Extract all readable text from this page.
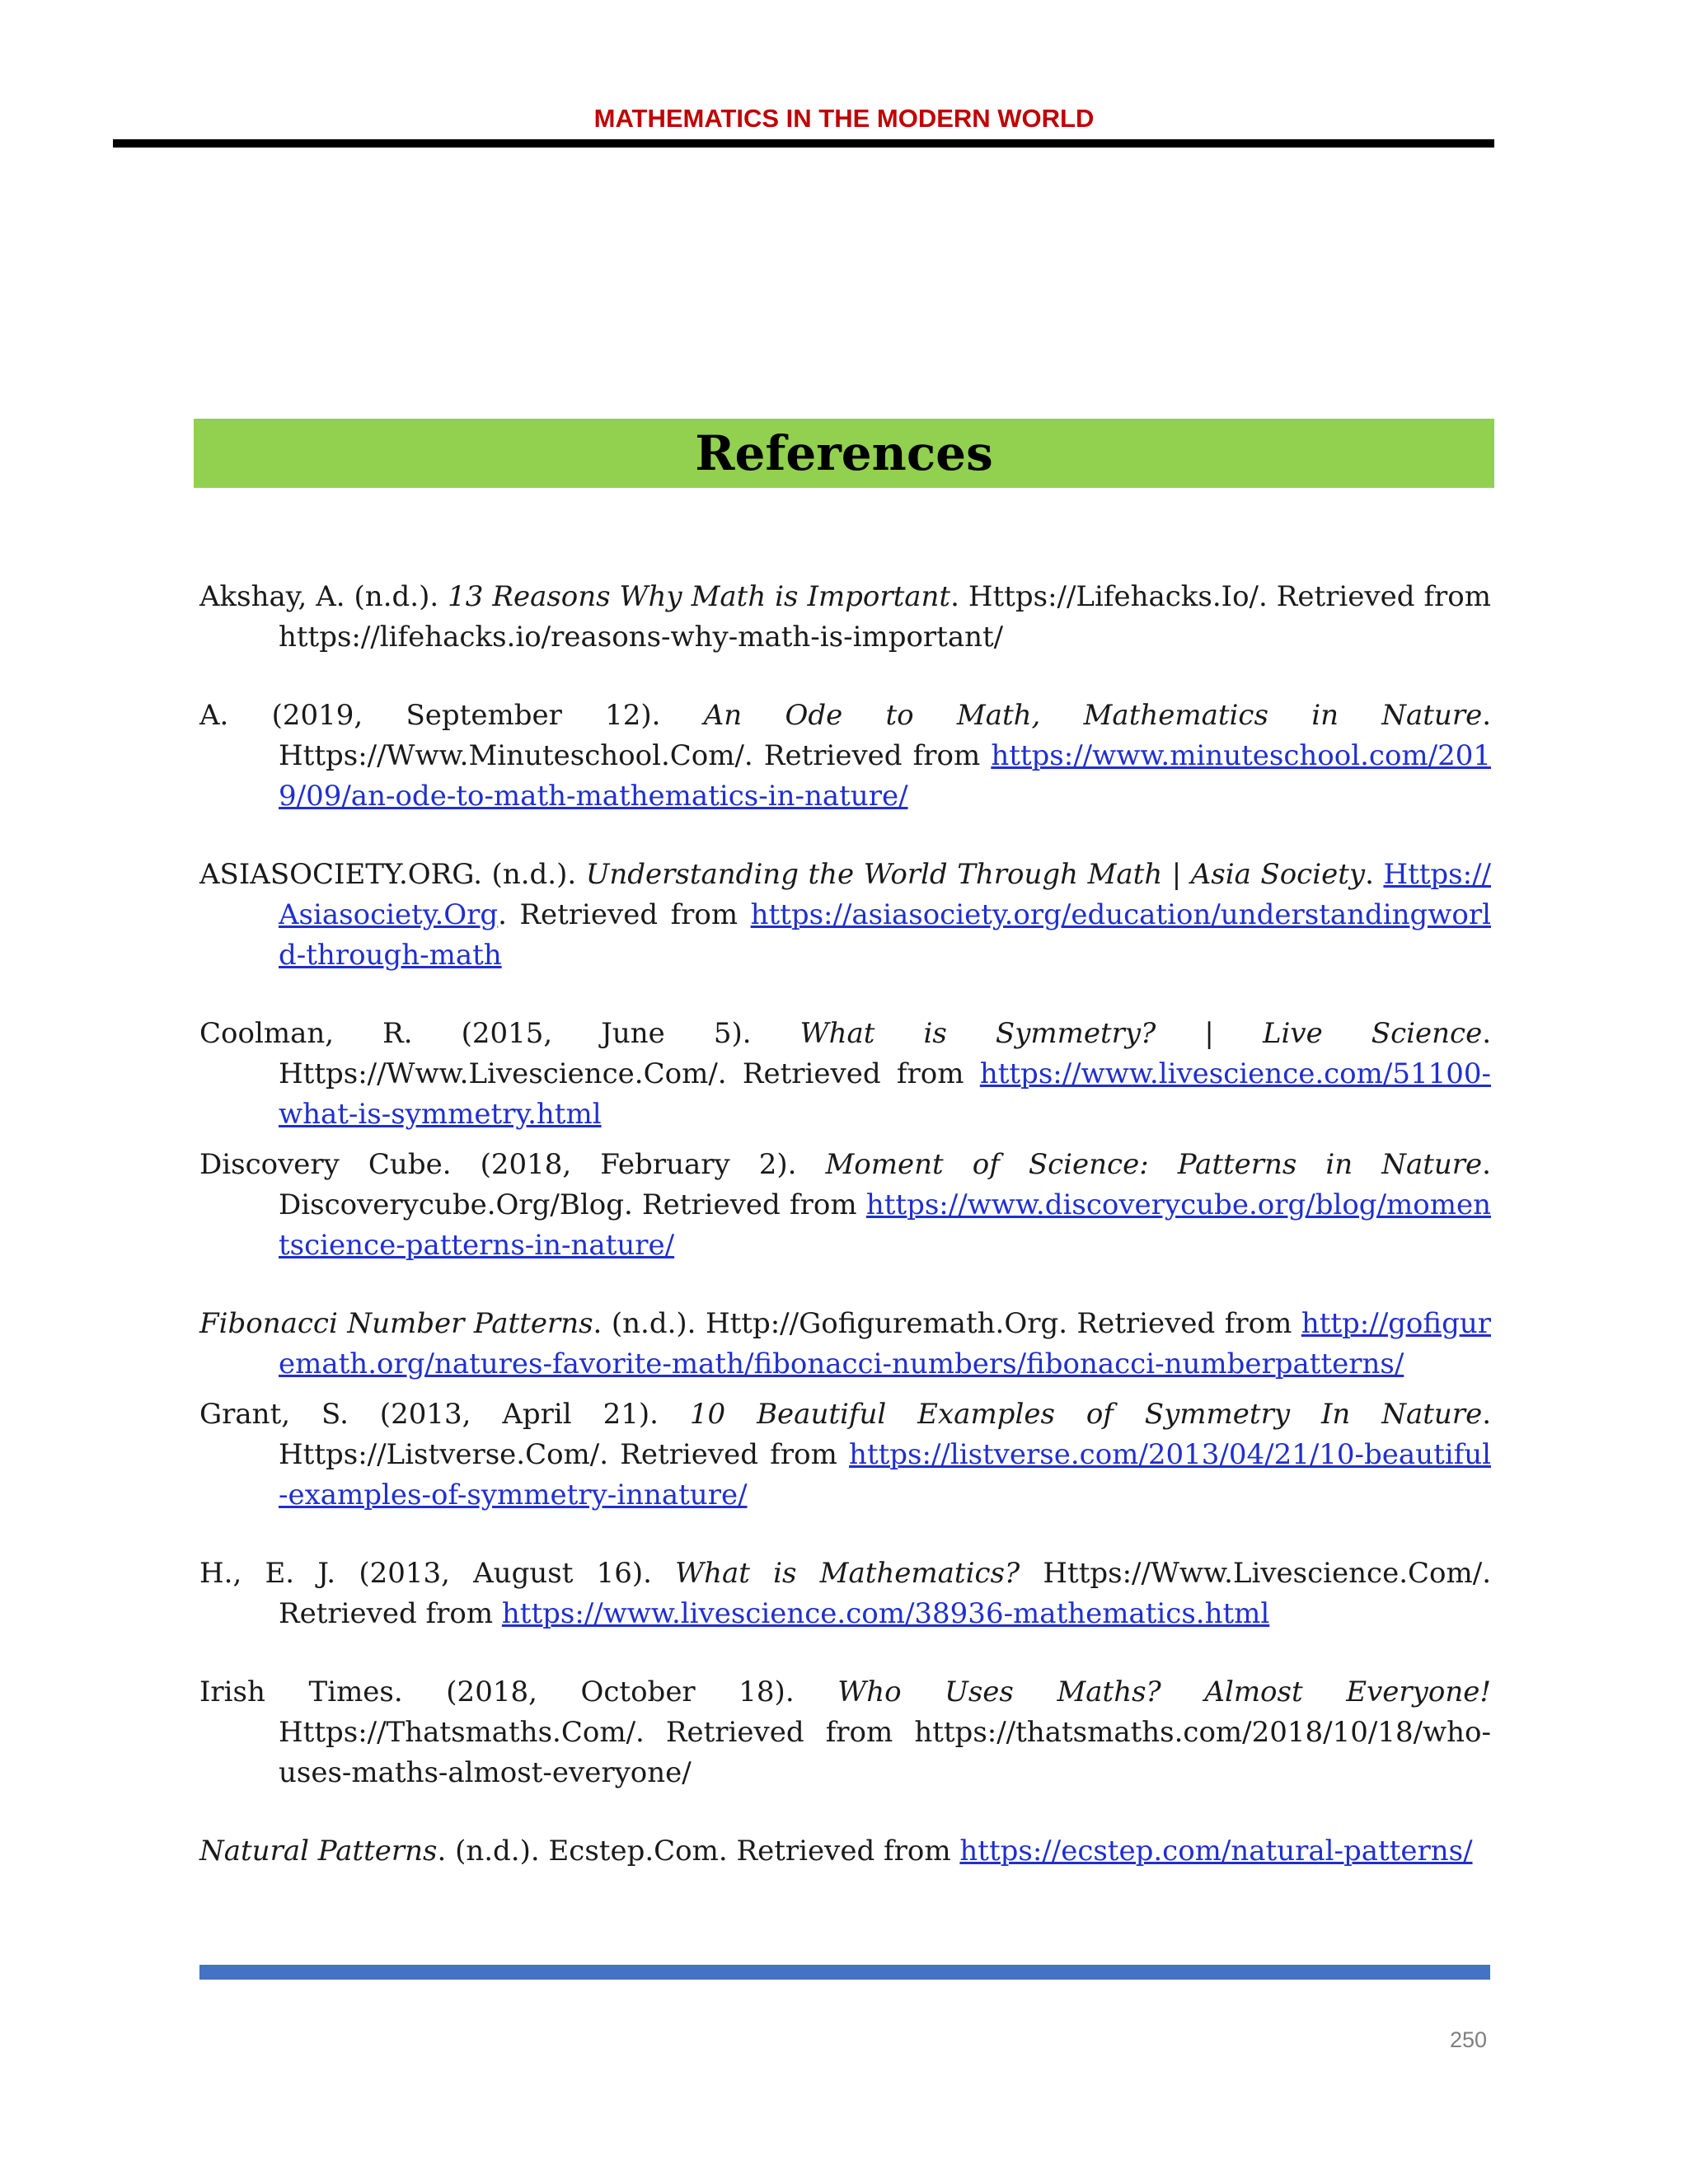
MATHEMATICS IN THE MODERN WORLD
References

Akshay, A. (n.d.). 13 Reasons Why Math is Important. Https://Lifehacks.Io/. Retrieved from https://lifehacks.io/reasons-why-math-is-important/

A. (2019, September 12). An Ode to Math, Mathematics in Nature. Https://Www.Minuteschool.Com/. Retrieved from https://www.minuteschool.com/2019/09/an-ode-to-math-mathematics-in-nature/

ASIASOCIETY.ORG. (n.d.). Understanding the World Through Math | Asia Society. Https://Asiasociety.Org. Retrieved from https://asiasociety.org/education/understandingworld-through-math

Coolman, R. (2015, June 5). What is Symmetry? | Live Science. Https://Www.Livescience.Com/. Retrieved from https://www.livescience.com/51100-what-is-symmetry.html

Discovery Cube. (2018, February 2). Moment of Science: Patterns in Nature. Discoverycube.Org/Blog. Retrieved from https://www.discoverycube.org/blog/momentscience-patterns-in-nature/

Fibonacci Number Patterns. (n.d.). Http://Gofiguremath.Org. Retrieved from http://gofiguremath.org/natures-favorite-math/fibonacci-numbers/fibonacci-numberpatterns/

Grant, S. (2013, April 21). 10 Beautiful Examples of Symmetry In Nature. Https://Listverse.Com/. Retrieved from https://listverse.com/2013/04/21/10-beautiful-examples-of-symmetry-innature/

H., E. J. (2013, August 16). What is Mathematics? Https://Www.Livescience.Com/. Retrieved from https://www.livescience.com/38936-mathematics.html

Irish Times. (2018, October 18). Who Uses Maths? Almost Everyone! Https://Thatsmaths.Com/. Retrieved from https://thatsmaths.com/2018/10/18/who-uses-maths-almost-everyone/

Natural Patterns. (n.d.). Ecstep.Com. Retrieved from https://ecstep.com/natural-patterns/

250
